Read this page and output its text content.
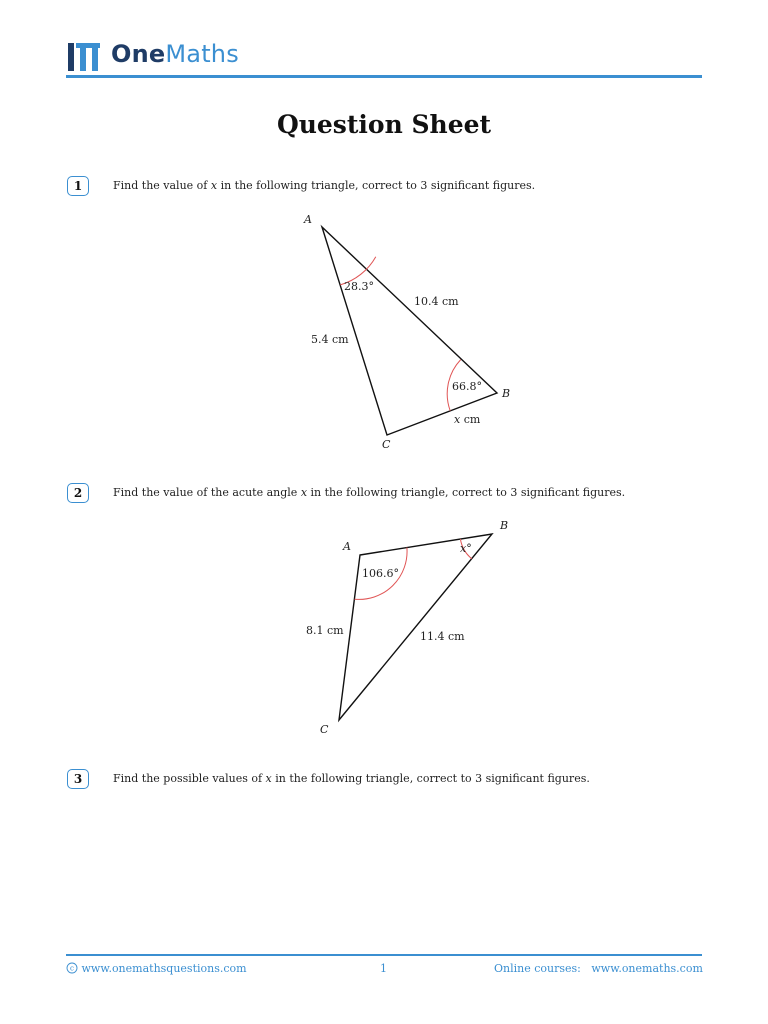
OneMaths
Question Sheet
1	Find the value of x in the following triangle, correct to 3 significant figures.
A
B
C
28.3°
66.8°
10.4 cm
5.4 cm
x cm
2	Find the value of the acute angle x in the following triangle, correct to 3 significant figures.
A
B
C
106.6°
x°
8.1 cm	11.4 cm
3	Find the possible values of x in the following triangle, correct to 3 significant figures.
c www.onemathsquestions.com	1	Online courses: www.onemaths.com
